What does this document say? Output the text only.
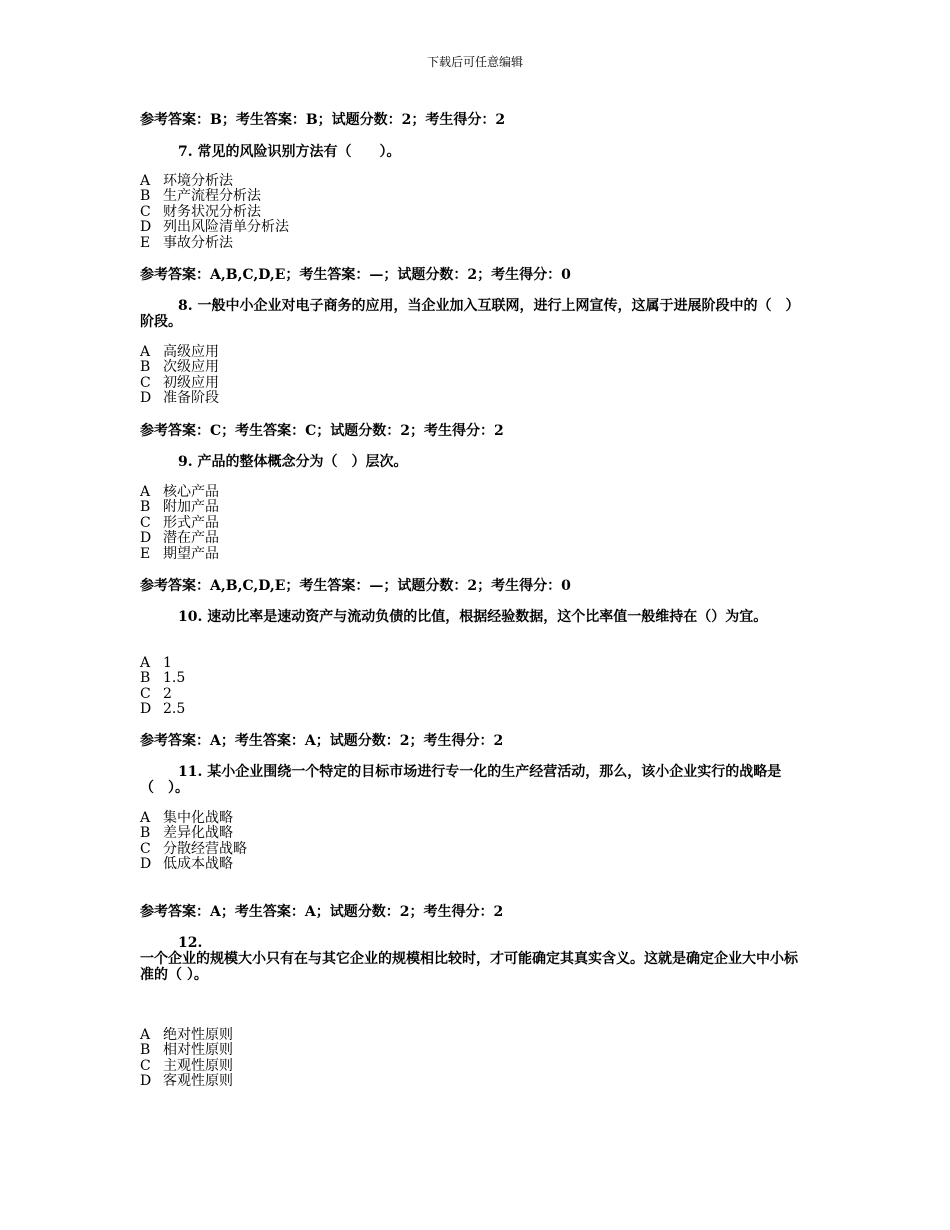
下载后可任意编辑
参考答案：B；考生答案：B；试题分数：2；考生得分：2
7. 常见的风险识别方法有（　　）。
A 环境分析法
B 生产流程分析法
C 财务状况分析法
D 列出风险清单分析法
E 事故分析法
参考答案：A,B,C,D,E；考生答案：—；试题分数：2；考生得分：0
8. 一般中小企业对电子商务的应用，当企业加入互联网，进行上网宣传，这属于进展阶段中的（　）阶段。
A 高级应用
B 次级应用
C 初级应用
D 准备阶段
参考答案：C；考生答案：C；试题分数：2；考生得分：2
9. 产品的整体概念分为（　）层次。
A 核心产品
B 附加产品
C 形式产品
D 潜在产品
E 期望产品
参考答案：A,B,C,D,E；考生答案：—；试题分数：2；考生得分：0
10. 速动比率是速动资产与流动负债的比值，根据经验数据，这个比率值一般维持在（）为宜。
A 1
B 1.5
C 2
D 2.5
参考答案：A；考生答案：A；试题分数：2；考生得分：2
11. 某小企业围绕一个特定的目标市场进行专一化的生产经营活动，那么，该小企业实行的战略是（　）。
A 集中化战略
B 差异化战略
C 分散经营战略
D 低成本战略
参考答案：A；考生答案：A；试题分数：2；考生得分：2
12.
一个企业的规模大小只有在与其它企业的规模相比较时，才可能确定其真实含义。这就是确定企业大中小标准的（ ）。
A 绝对性原则
B 相对性原则
C 主观性原则
D 客观性原则
